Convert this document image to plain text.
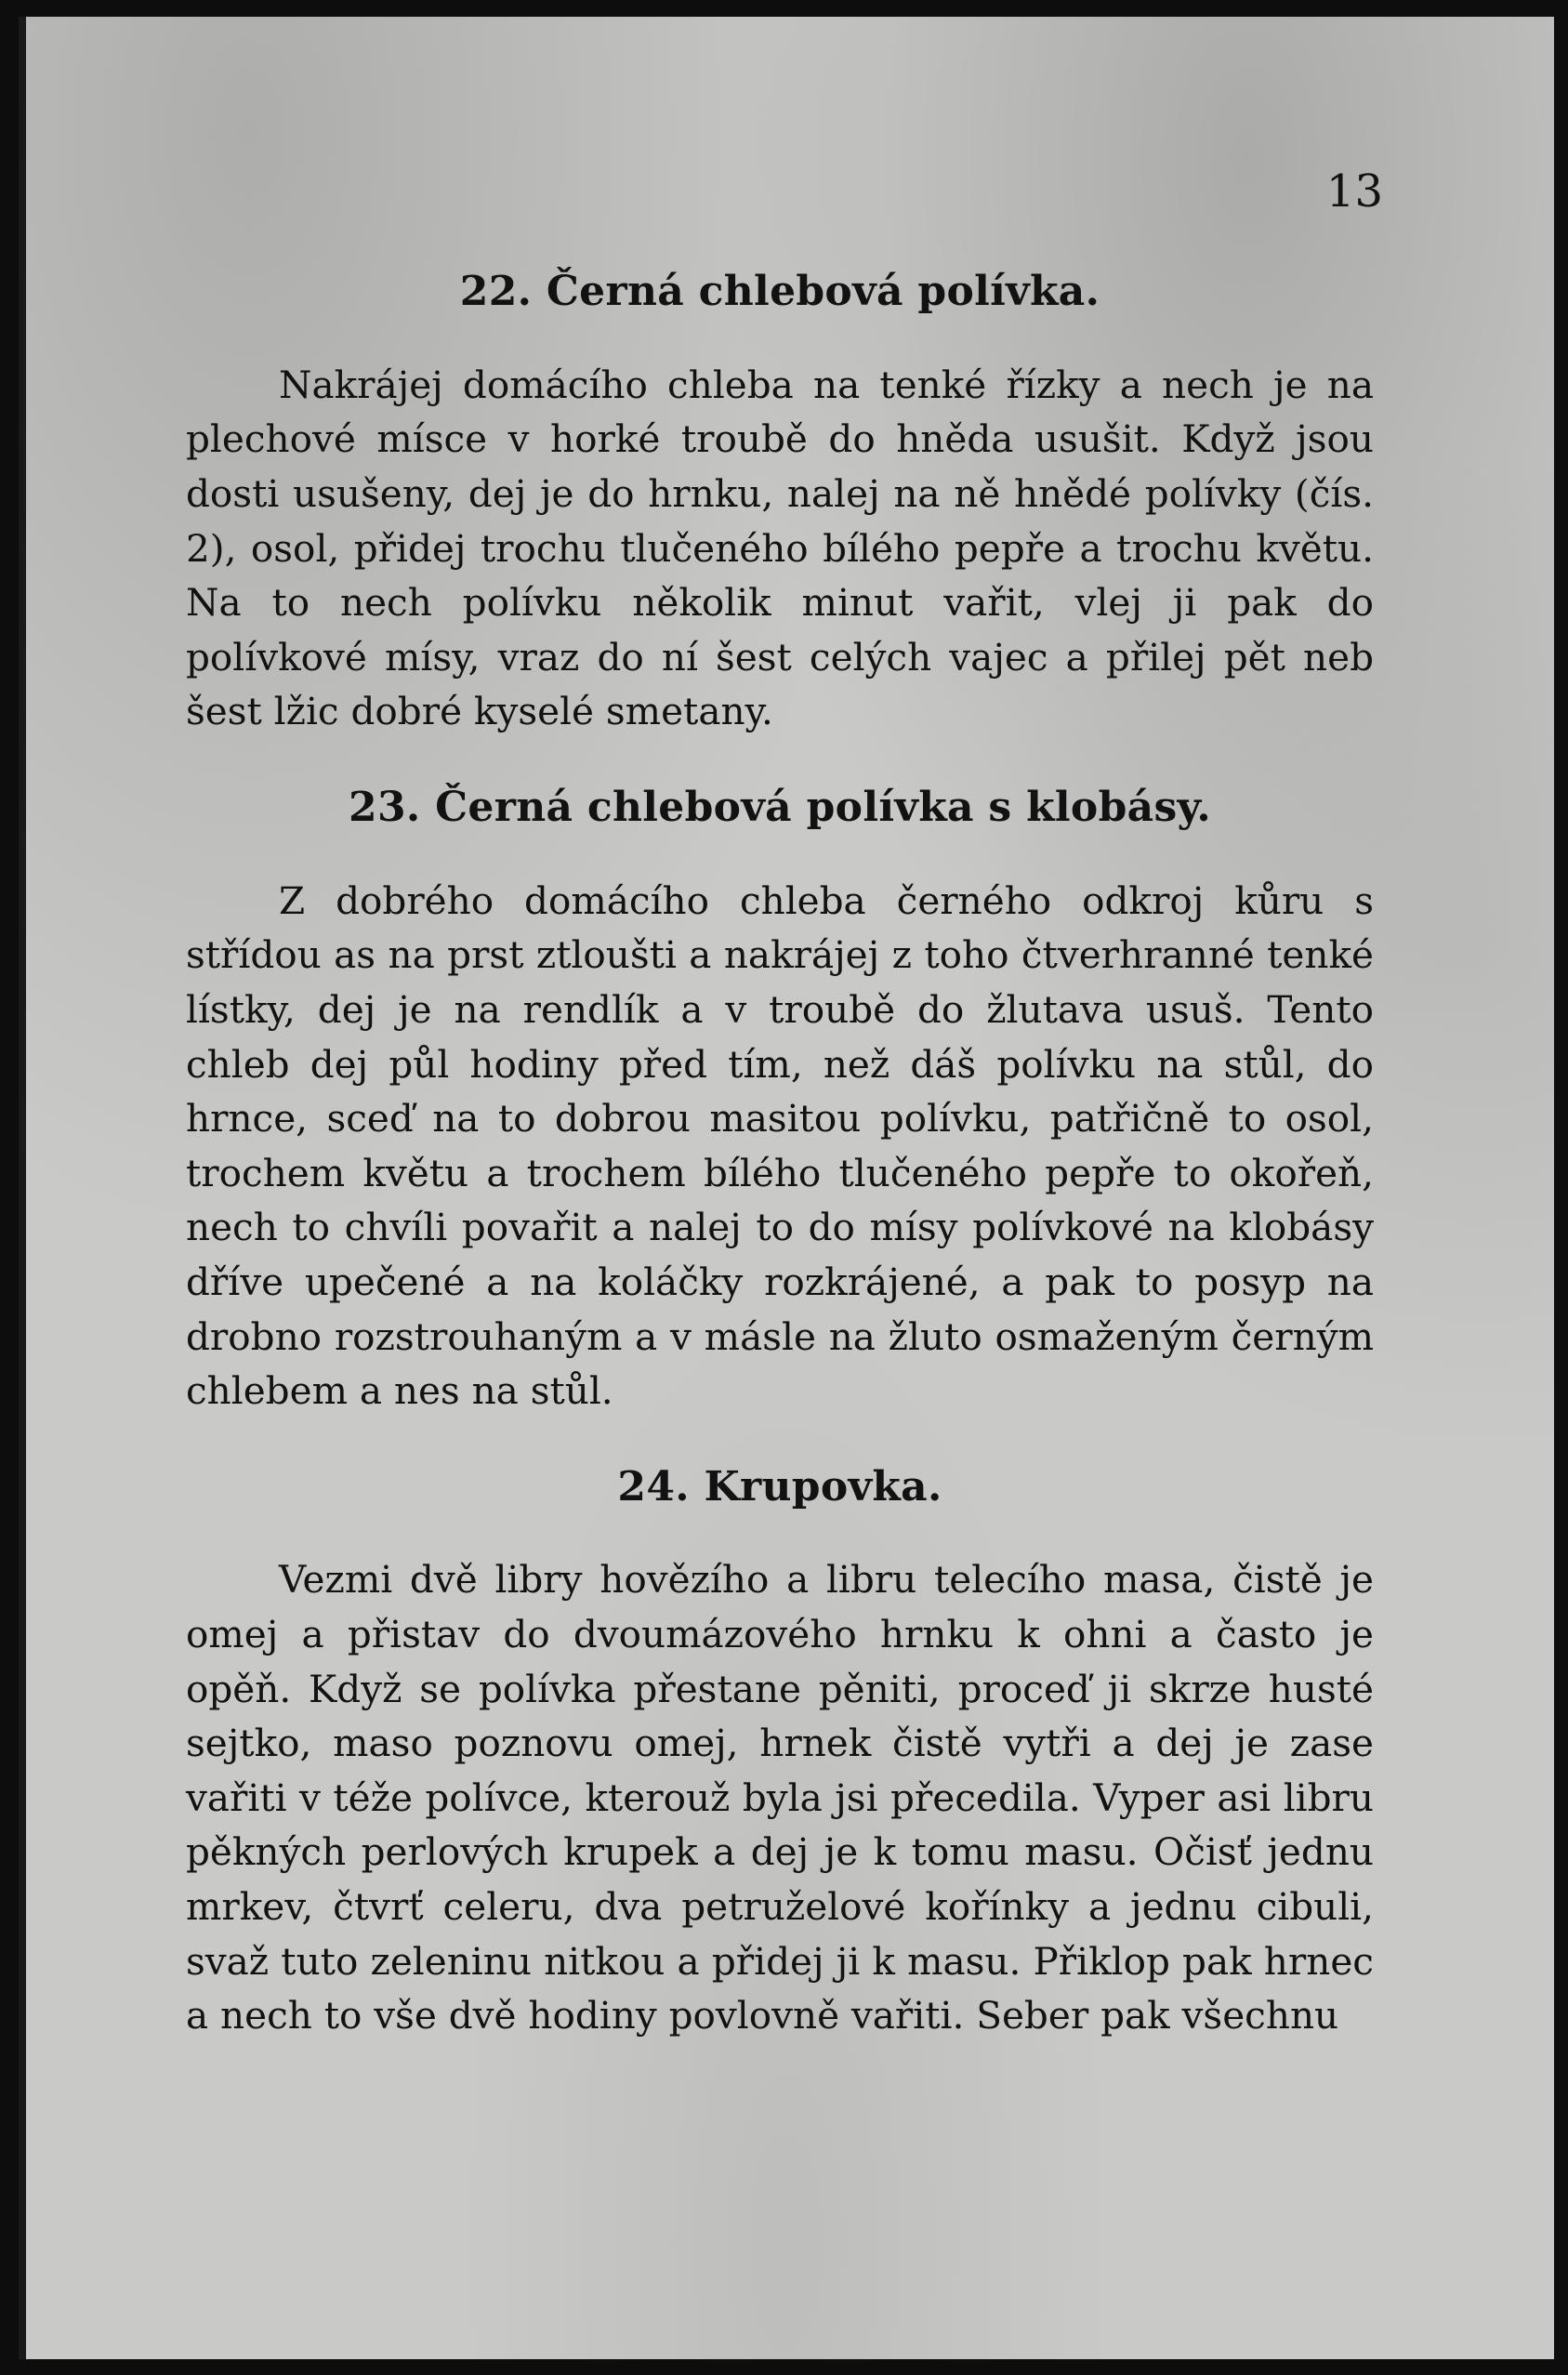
13
22. Černá chlebová polívka.

Nakrájej domácího chleba na tenké řízky a nech je na plechové mísce v horké troubě do hněda usušit. Když jsou dosti usušeny, dej je do hrnku, nalej na ně hnědé polívky (čís. 2), osol, přidej trochu tlučeného bílého pepře a trochu květu. Na to nech polívku několik minut vařit, vlej ji pak do polívkové mísy, vraz do ní šest celých vajec a přilej pět neb šest lžic dobré kyselé smetany.

23. Černá chlebová polívka s klobásy.

Z dobrého domácího chleba černého odkroj kůru s střídou as na prst ztloušti a nakrájej z toho čtverhranné tenké lístky, dej je na rendlík a v troubě do žlutava usuš. Tento chleb dej půl hodiny před tím, než dáš polívku na stůl, do hrnce, sceď na to dobrou masitou polívku, patřičně to osol, trochem květu a trochem bílého tlučeného pepře to okořeň, nech to chvíli povařit a nalej to do mísy polívkové na klobásy dříve upečené a na koláčky rozkrájené, a pak to posyp na drobno rozstrouhaným a v másle na žluto osmaženým černým chlebem a nes na stůl.

24. Krupovka.

Vezmi dvě libry hovězího a libru telecího masa, čistě je omej a přistav do dvoumázového hrnku k ohni a často je opěň. Když se polívka přestane pěniti, proceď ji skrze husté sejtko, maso poznovu omej, hrnek čistě vytři a dej je zase vařiti v téže polívce, kterouž byla jsi přecedila. Vyper asi libru pěkných perlových krupek a dej je k tomu masu. Očisť jednu mrkev, čtvrť celeru, dva petruželové kořínky a jednu cibuli, svaž tuto zeleninu nitkou a přidej ji k masu. Přiklop pak hrnec a nech to vše dvě hodiny povlovně vařiti. Seber pak všechnu
